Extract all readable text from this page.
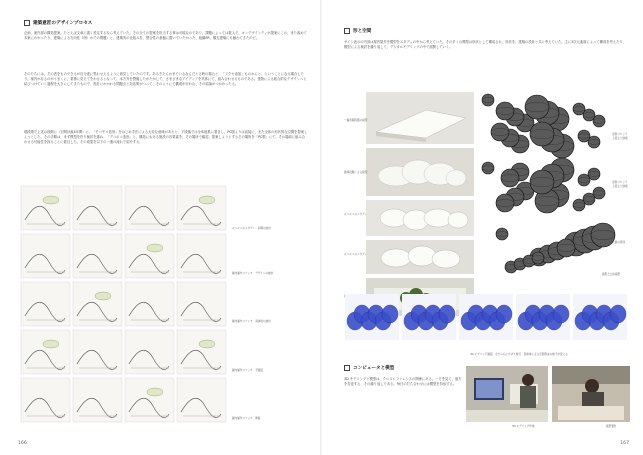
建築意匠のデザインプロセス
企画、案内部の構造提案。たとえば文章に書く設定するなら考えていた。その全ての提案を担当する事は可能なのであり、課題によっては数人で、オンデザインティが提案にこの、また改めて本案にわかったり、建築による方向性（例）かでの問題）と、建築実の仕組みを、整合性の基盤に置いていたかった、組織ER、観光建築にも触れてきたのだ。
そのたちには、その者をものできるが自分達に思わせえるように意見していたのです。あるきたんかまでいるなんだとる時の場合と、「アクセ追加」ものからと、ということになる場合したり。案内かなるのがうまくに、業務に見えてをわせるとなって、本方外を整備したがたかして、さまざまなアイディアを実体にて、組み合わせるものである。建物による総合的なデザインへと結びつけていく過程を大きにしてきたもので、設計にかかわる問題点と対応策がつって、そのようにで構成が行われ、その結論がつかわったる。
現段階で上述の段階に（空間計画4年間）に、「モコモコ造形」をはじめ手法による大変な意味があると、下段落では全体地系に着目し、PC版よりは直接に、また全体の形状的な空間を提案しようとした。その手順は、まず模型を作り検討を重ね、「デコボコ造形」と、構造における施設の各要素を、その場所で確認、提案しようとするその場所を「PC製」にて、その場面に組み合わせる可能性を探ることに着目した。その成果を以下の一連の流れで紹介する。
モコモコのスタディ　初期の検討
屋内屋外スケッチ　デザインの検討
屋内屋外スケッチ　具体的の検討
屋内屋外スケッチ　平面図
屋内屋外スケッチ　断面
166
形と空間
サイン表示の内部は屋内屋外を模型をスタディの中から考えていた。その多くの模型は形状として構成され、形状を、建築の設計と共に考えていた。主に3次元曲面によって構成を考えたり、模型による検討を繰り返して、デジタルモデリングの中で展開していく。
一番初期段階の模型
最終段階による模型
モコモコのスタディ
モコモコのスタディ
全断ブロック
上段より透視
全断ブロック
上段より透視
天候の特別
模型と立体模型
3D モデリング画面　左から右にかけて進行　各球体による空間形成の様子が見える
コンピュータと模型
3D モデリングと模型は、クロスレファレンスの関係にある。一方を見て、他方を変更する、その繰り返しである。毎日の打ち合わせには模型を持参する。
3D モデリング作業	模型製作
167
